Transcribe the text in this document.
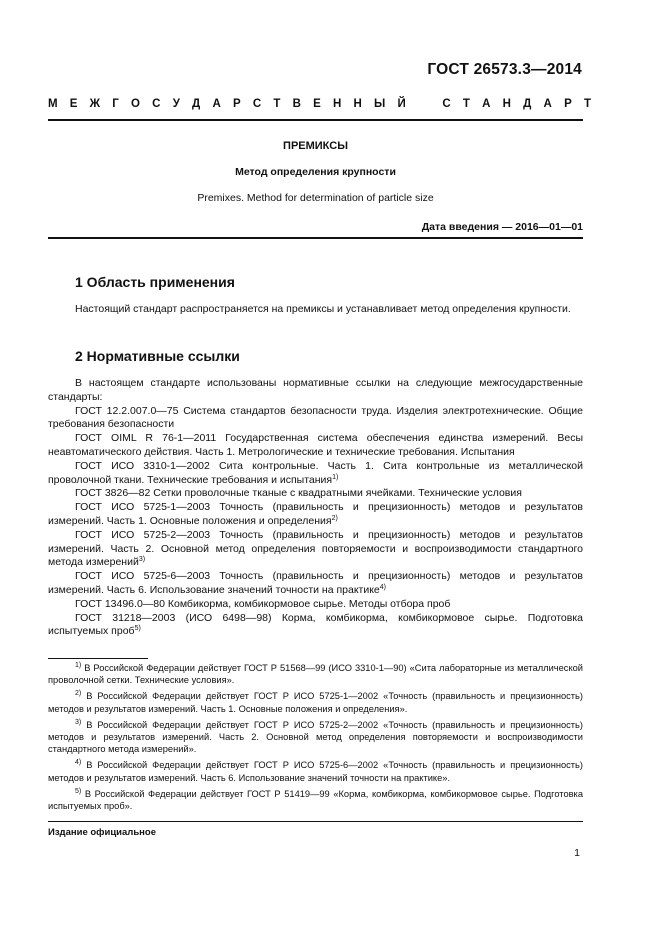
ГОСТ 26573.3—2014
М Е Ж Г О С У Д А Р С Т В Е Н Н Ы Й	С Т А Н Д А Р Т
ПРЕМИКСЫ
Метод определения крупности
Premixes. Method for determination of particle size
Дата введения — 2016—01—01
1 Область применения

Настоящий стандарт распространяется на премиксы и устанавливает метод определения крупности.

2 Нормативные ссылки

В настоящем стандарте использованы нормативные ссылки на следующие межгосударственные стандарты:

ГОСТ 12.2.007.0—75 Система стандартов безопасности труда. Изделия электротехнические. Общие требования безопасности

ГОСТ OIML R 76-1—2011 Государственная система обеспечения единства измерений. Весы неавтоматического действия. Часть 1. Метрологические и технические требования. Испытания

ГОСТ ИСО 3310-1—2002 Сита контрольные. Часть 1. Сита контрольные из металлической проволочной ткани. Технические требования и испытания$^{1)}$

ГОСТ 3826—82 Сетки проволочные тканые с квадратными ячейками. Технические условия

ГОСТ ИСО 5725-1—2003 Точность (правильность и прецизионность) методов и результатов измерений. Часть 1. Основные положения и определения$^{2)}$

ГОСТ ИСО 5725-2—2003 Точность (правильность и прецизионность) методов и результатов измерений. Часть 2. Основной метод определения повторяемости и воспроизводимости стандартного метода измерений$^{3)}$

ГОСТ ИСО 5725-6—2003 Точность (правильность и прецизионность) методов и результатов измерений. Часть 6. Использование значений точности на практике$^{4)}$

ГОСТ 13496.0—80 Комбикорма, комбикормовое сырье. Методы отбора проб

ГОСТ 31218—2003 (ИСО 6498—98) Корма, комбикорма, комбикормовое сырье. Подготовка испытуемых проб$^{5)}$

$^{1)}$ В Российской Федерации действует ГОСТ Р 51568—99 (ИСО 3310-1—90) «Сита лабораторные из металлической проволочной сетки. Технические условия».

$^{2)}$ В Российской Федерации действует ГОСТ Р ИСО 5725-1—2002 «Точность (правильность и прецизионность) методов и результатов измерений. Часть 1. Основные положения и определения».

$^{3)}$ В Российской Федерации действует ГОСТ Р ИСО 5725-2—2002 «Точность (правильность и прецизионность) методов и результатов измерений. Часть 2. Основной метод определения повторяемости и воспроизводимости стандартного метода измерений».

$^{4)}$ В Российской Федерации действует ГОСТ Р ИСО 5725-6—2002 «Точность (правильность и прецизионность) методов и результатов измерений. Часть 6. Использование значений точности на практике».

$^{5)}$ В Российской Федерации действует ГОСТ Р 51419—99 «Корма, комбикорма, комбикормовое сырье. Подготовка испытуемых проб».

Издание официальное
1
